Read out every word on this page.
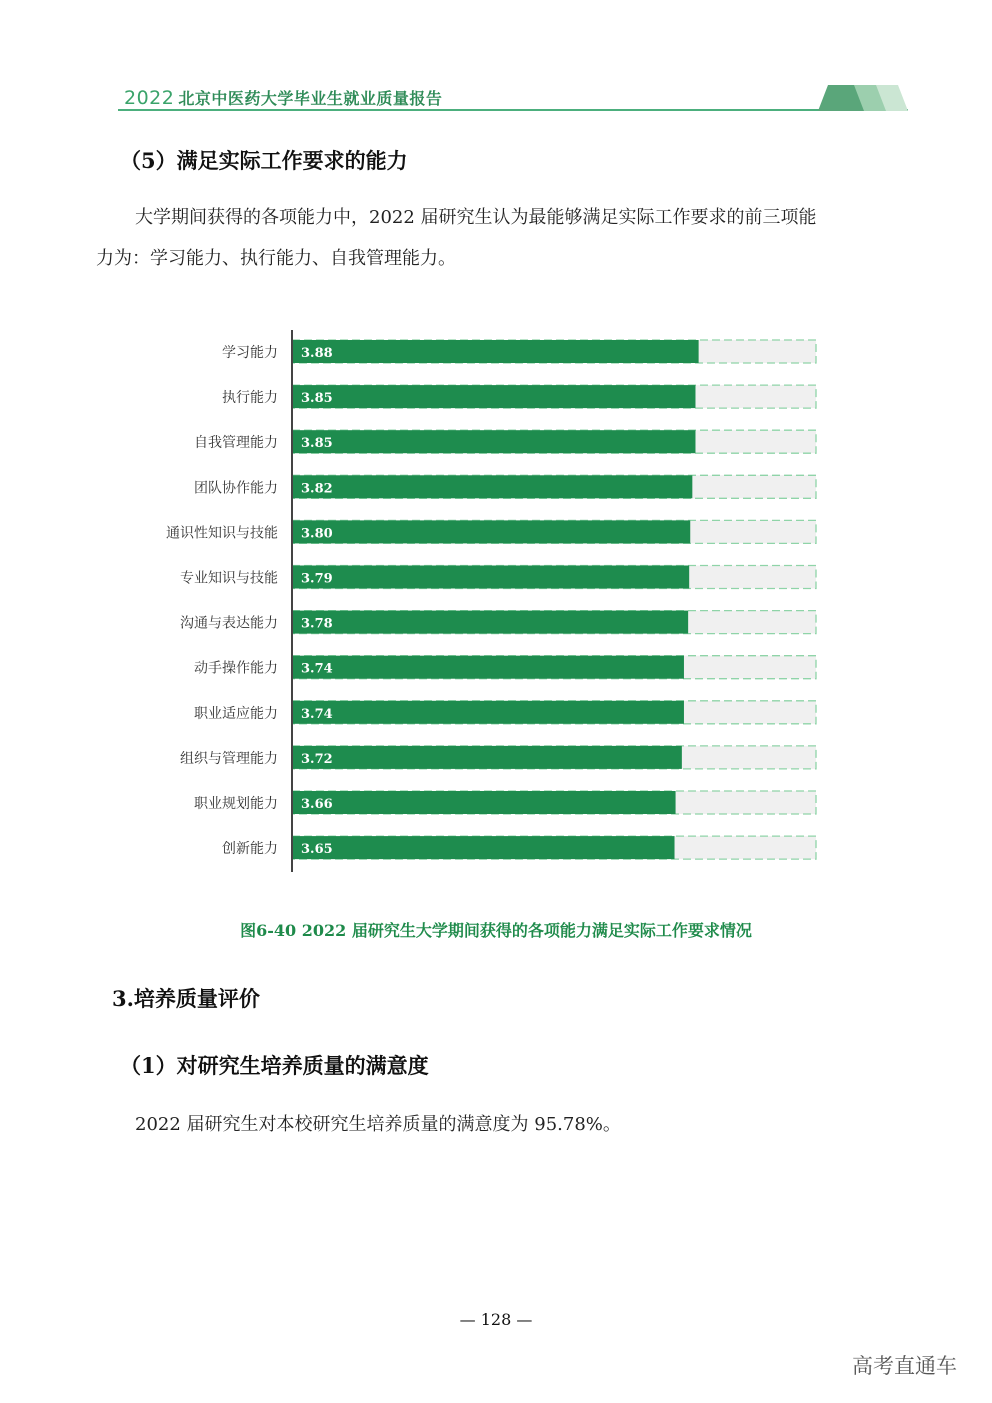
2022 北京中医药大学毕业生就业质量报告
（5）满足实际工作要求的能力
大学期间获得的各项能力中，2022 届研究生认为最能够满足实际工作要求的前三项能
力为：学习能力、执行能力、自我管理能力。
3.88
学习能力
3.85
执行能力
3.85
自我管理能力
3.82
团队协作能力
3.80
通识性知识与技能
3.79
专业知识与技能
3.78
沟通与表达能力
3.74
动手操作能力
3.74
职业适应能力
3.72
组织与管理能力
3.66
职业规划能力
3.65
创新能力
图6-40 2022 届研究生大学期间获得的各项能力满足实际工作要求情况
3.培养质量评价
（1）对研究生培养质量的满意度
2022 届研究生对本校研究生培养质量的满意度为 95.78%。
— 128 —
高考直通车
